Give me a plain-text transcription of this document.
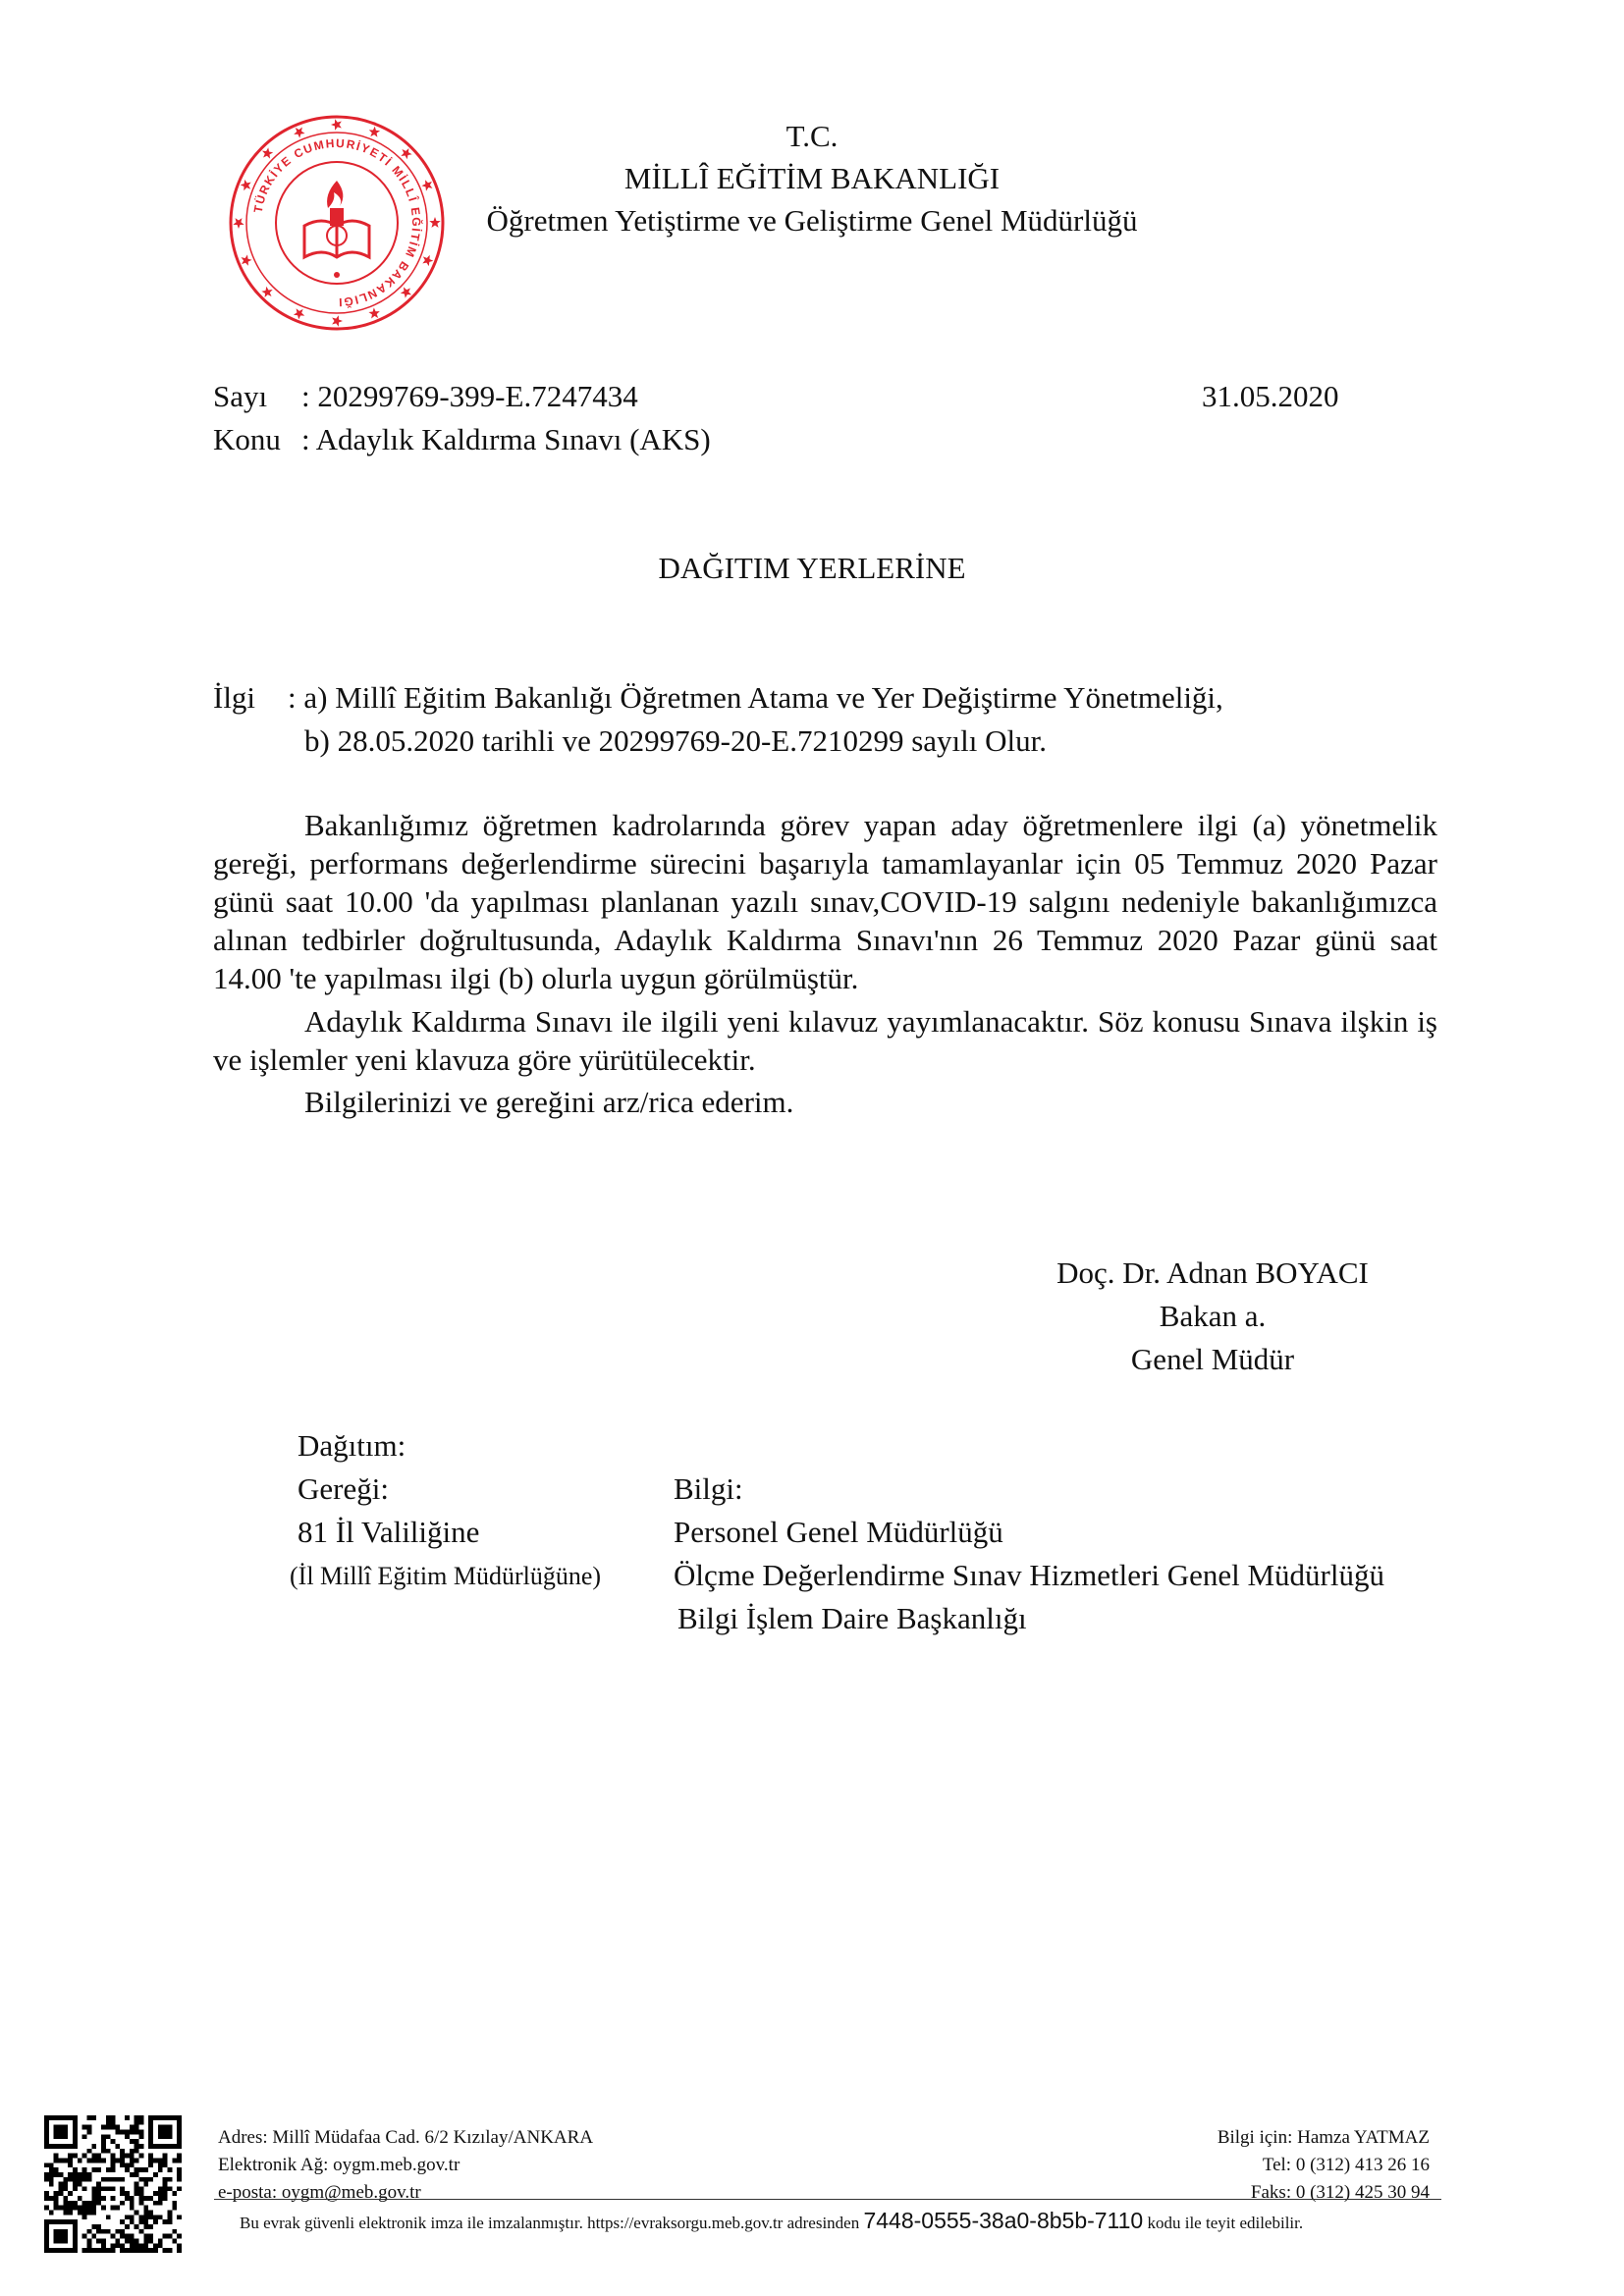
TÜRKİYE CUMHURİYETİ MİLLÎ EĞİTİM BAKANLIĞI
T.C.
MİLLÎ EĞİTİM BAKANLIĞI
Öğretmen Yetiştirme ve Geliştirme Genel Müdürlüğü
Sayı : 20299769-399-E.7247434	31.05.2020
Konu : Adaylık Kaldırma Sınavı (AKS)
DAĞITIM YERLERİNE
İlgi : a) Millî Eğitim Bakanlığı Öğretmen Atama ve Yer Değiştirme Yönetmeliği,
b) 28.05.2020 tarihli ve 20299769-20-E.7210299 sayılı Olur.
Bakanlığımız öğretmen kadrolarında görev yapan aday öğretmenlere ilgi (a) yönetmelik gereği, performans değerlendirme sürecini başarıyla tamamlayanlar için 05 Temmuz 2020 Pazar günü saat 10.00 'da yapılması planlanan yazılı sınav,COVID-19 salgını nedeniyle bakanlığımızca alınan tedbirler doğrultusunda, Adaylık Kaldırma Sınavı'nın 26 Temmuz 2020 Pazar günü saat 14.00 'te yapılması ilgi (b) olurla uygun görülmüştür.
Adaylık Kaldırma Sınavı ile ilgili yeni kılavuz yayımlanacaktır. Söz konusu Sınava ilşkin iş ve işlemler yeni klavuza göre yürütülecektir.
Bilgilerinizi ve gereğini arz/rica ederim.
Doç. Dr. Adnan BOYACI
Bakan a.
Genel Müdür
Dağıtım:
Gereği:	Bilgi:
81 İl Valiliğine	Personel Genel Müdürlüğü
(İl Millî Eğitim Müdürlüğüne) Ölçme Değerlendirme Sınav Hizmetleri Genel Müdürlüğü
Bilgi İşlem Daire Başkanlığı
Adres: Millî Müdafaa Cad. 6/2 Kızılay/ANKARA
Elektronik Ağ: oygm.meb.gov.tr
e-posta: oygm@meb.gov.tr
Bilgi için: Hamza YATMAZ
Tel: 0 (312) 413 26 16
Faks: 0 (312) 425 30 94
Bu evrak güvenli elektronik imza ile imzalanmıştır. https://evraksorgu.meb.gov.tr adresinden 7448-0555-38a0-8b5b-7110 kodu ile teyit edilebilir.
